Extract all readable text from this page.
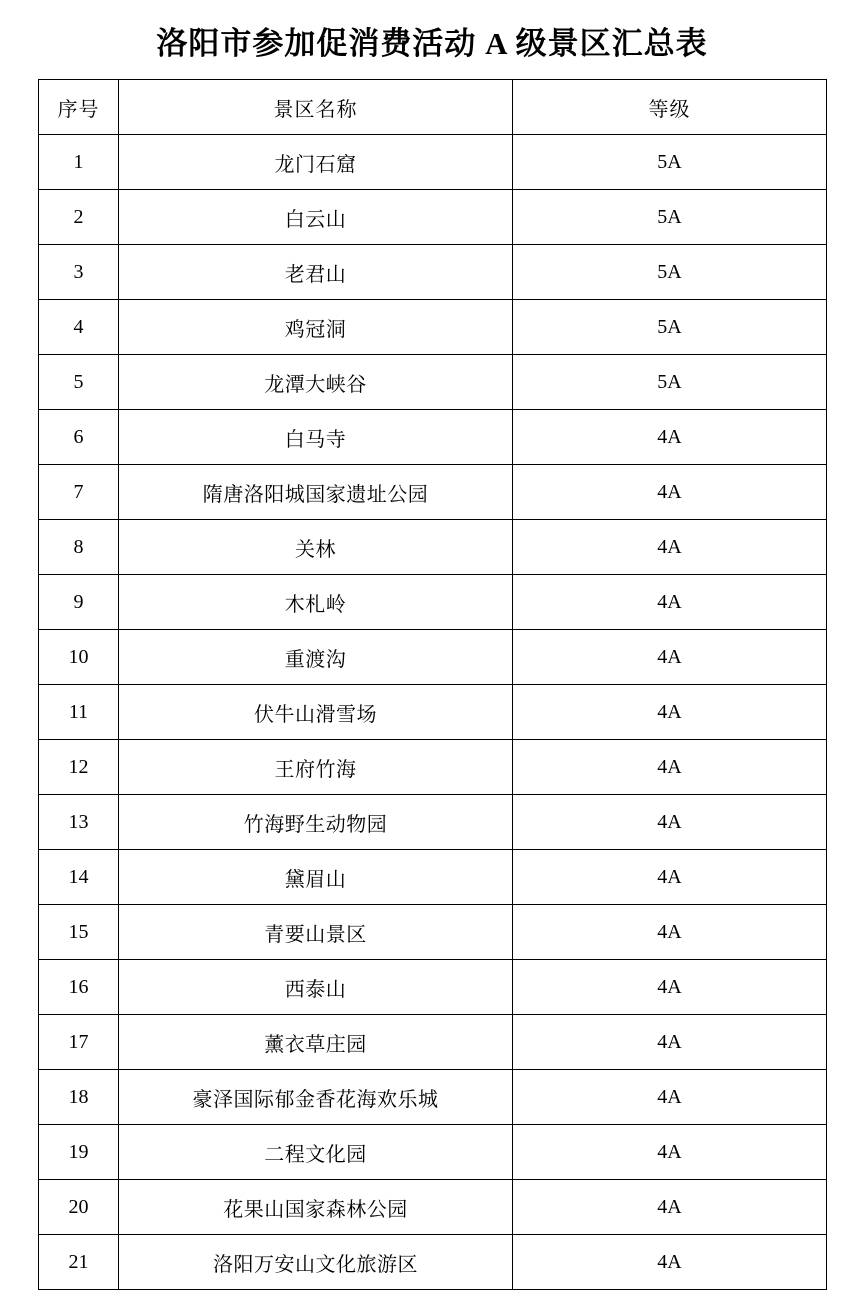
洛阳市参加促消费活动 A 级景区汇总表
序号	景区名称	等级
1	龙门石窟	5A
2	白云山	5A
3	老君山	5A
4	鸡冠洞	5A
5	龙潭大峡谷	5A
6	白马寺	4A
7	隋唐洛阳城国家遗址公园	4A
8	关林	4A
9	木札岭	4A
10	重渡沟	4A
11	伏牛山滑雪场	4A
12	王府竹海	4A
13	竹海野生动物园	4A
14	黛眉山	4A
15	青要山景区	4A
16	西泰山	4A
17	薰衣草庄园	4A
18	豪泽国际郁金香花海欢乐城	4A
19	二程文化园	4A
20	花果山国家森林公园	4A
21	洛阳万安山文化旅游区	4A
